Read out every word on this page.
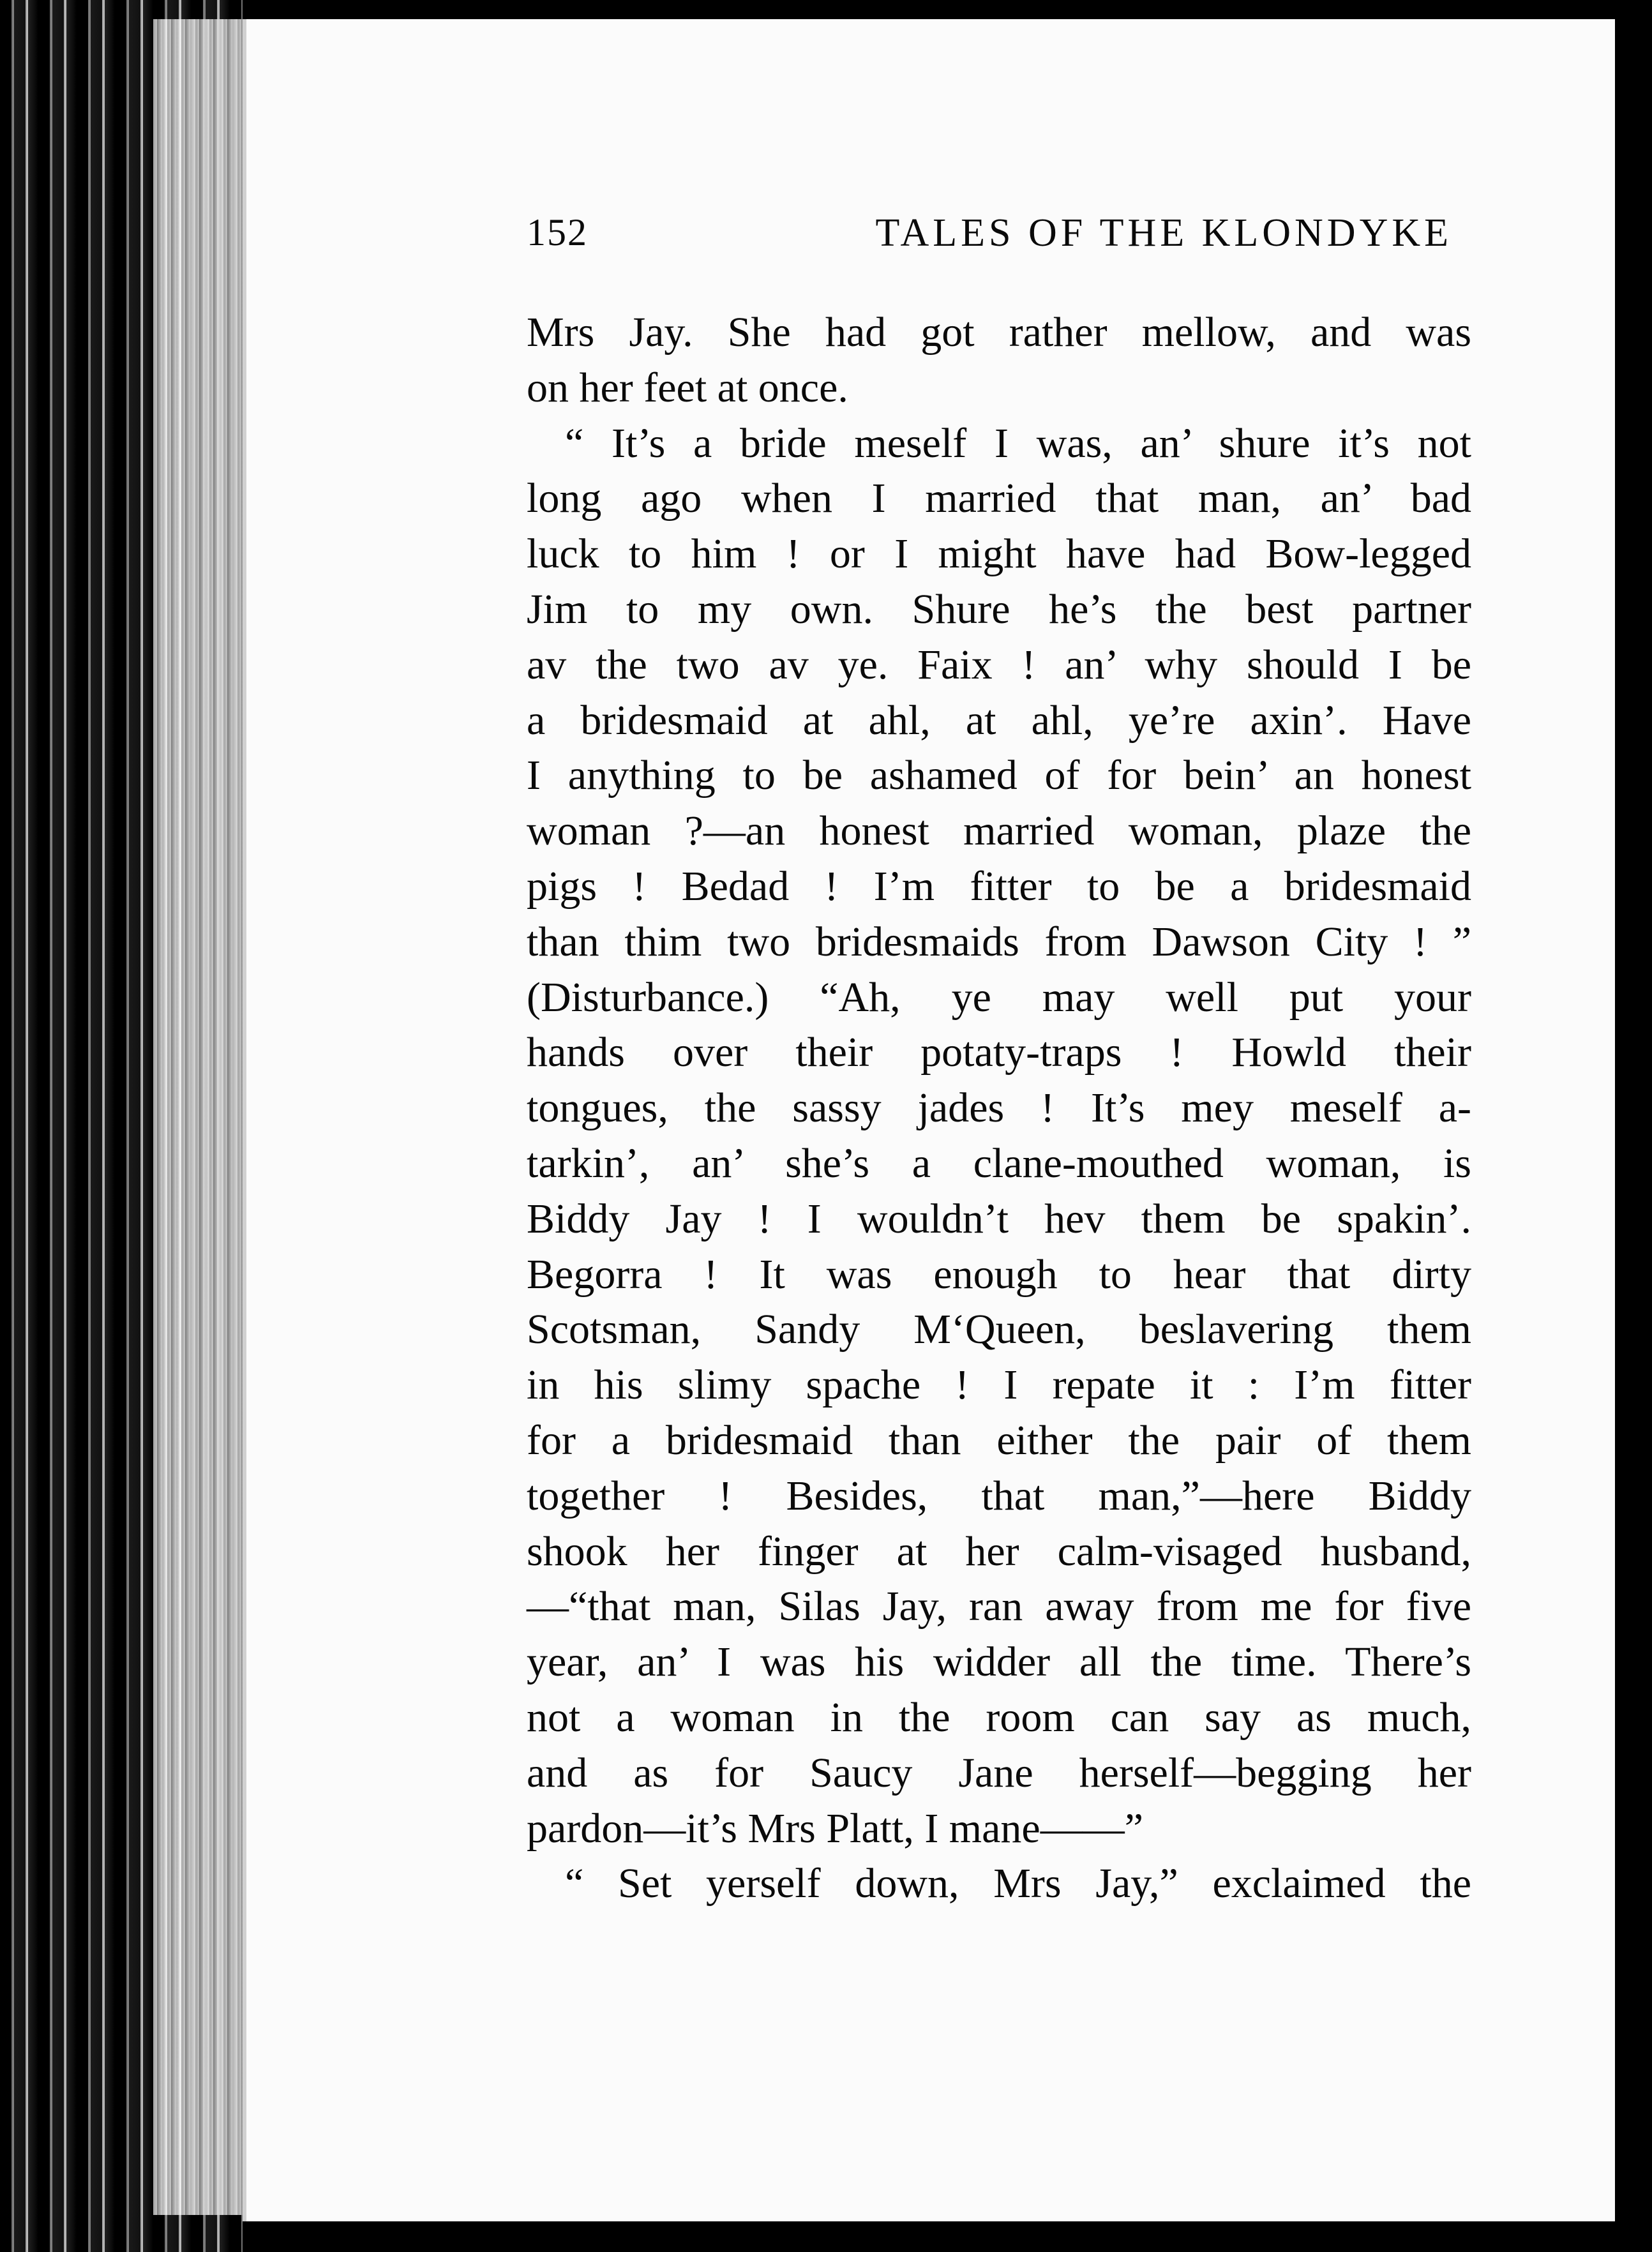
152	TALES OF THE KLONDYKE
Mrs Jay. She had got rather mellow, and was
on her feet at once.
“ It’s a bride meself I was, an’ shure it’s not
long ago when I married that man, an’ bad
luck to him ! or I might have had Bow-legged
Jim to my own. Shure he’s the best partner
av the two av ye. Faix ! an’ why should I be
a bridesmaid at ahl, at ahl, ye’re axin’. Have
I anything to be ashamed of for bein’ an honest
woman ?—an honest married woman, plaze the
pigs ! Bedad ! I’m fitter to be a bridesmaid
than thim two bridesmaids from Dawson City ! ”
(Disturbance.) “Ah, ye may well put your
hands over their potaty-traps ! Howld their
tongues, the sassy jades ! It’s mey meself a-
tarkin’, an’ she’s a clane-mouthed woman, is
Biddy Jay ! I wouldn’t hev them be spakin’.
Begorra ! It was enough to hear that dirty
Scotsman, Sandy M‘Queen, beslavering them
in his slimy spache ! I repate it : I’m fitter
for a bridesmaid than either the pair of them
together ! Besides, that man,”—here Biddy
shook her finger at her calm-visaged husband,
—“that man, Silas Jay, ran away from me for five
year, an’ I was his widder all the time. There’s
not a woman in the room can say as much,
and as for Saucy Jane herself—begging her
pardon—it’s Mrs Platt, I mane——”
“ Set yerself down, Mrs Jay,” exclaimed the
